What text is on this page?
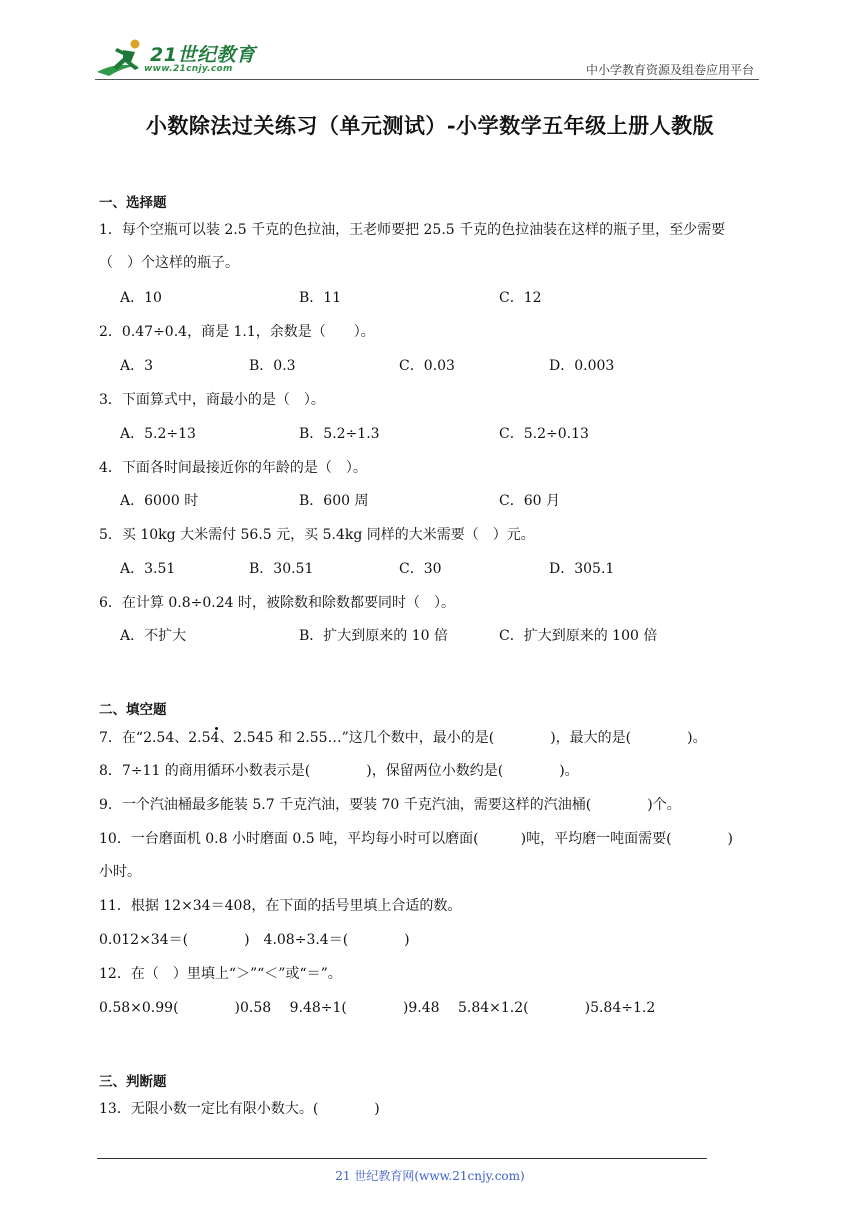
21世纪教育
www.21cnjy.com	中小学教育资源及组卷应用平台
小数除法过关练习（单元测试）-小学数学五年级上册人教版
一、选择题
1．每个空瓶可以装 2.5 千克的色拉油，王老师要把 25.5 千克的色拉油装在这样的瓶子里，至少需要
（　）个这样的瓶子。
A．10	B．11	C．12
2．0.47÷0.4，商是 1.1，余数是（　　）。
A．3	B．0.3	C．0.03	D．0.003
3．下面算式中，商最小的是（　）。
A．5.2÷13	B．5.2÷1.3	C．5.2÷0.13
4．下面各时间最接近你的年龄的是（　）。
A．6000 时	B．600 周	C．60 月
5．买 10kg 大米需付 56.5 元，买 5.4kg 同样的大米需要（　）元。
A．3.51	B．30.51	C．30	D．305.1
6．在计算 0.8÷0.24 时，被除数和除数都要同时（　）。
A．不扩大	B．扩大到原来的 10 倍	C．扩大到原来的 100 倍
二、填空题
7．在“2.54、2.54、2.545 和 2.55…”这几个数中，最小的是(　　　　)，最大的是(　　　　)。
8．7÷11 的商用循环小数表示是(　　　　)，保留两位小数约是(　　　　)。
9．一个汽油桶最多能装 5.7 千克汽油，要装 70 千克汽油，需要这样的汽油桶(　　　　)个。
10．一台磨面机 0.8 小时磨面 0.5 吨，平均每小时可以磨面(　　　)吨，平均磨一吨面需要(　　　　)
小时。
11．根据 12×34＝408，在下面的括号里填上合适的数。
0.012×34＝(　　　　)　4.08÷3.4＝(　　　　)
12．在（　）里填上“＞”“＜”或“＝”。
0.58×0.99(　　　　)0.58　 9.48÷1(　　　　)9.48　 5.84×1.2(　　　　)5.84÷1.2
三、判断题
13．无限小数一定比有限小数大。(　　　　)
21 世纪教育网(www.21cnjy.com)
